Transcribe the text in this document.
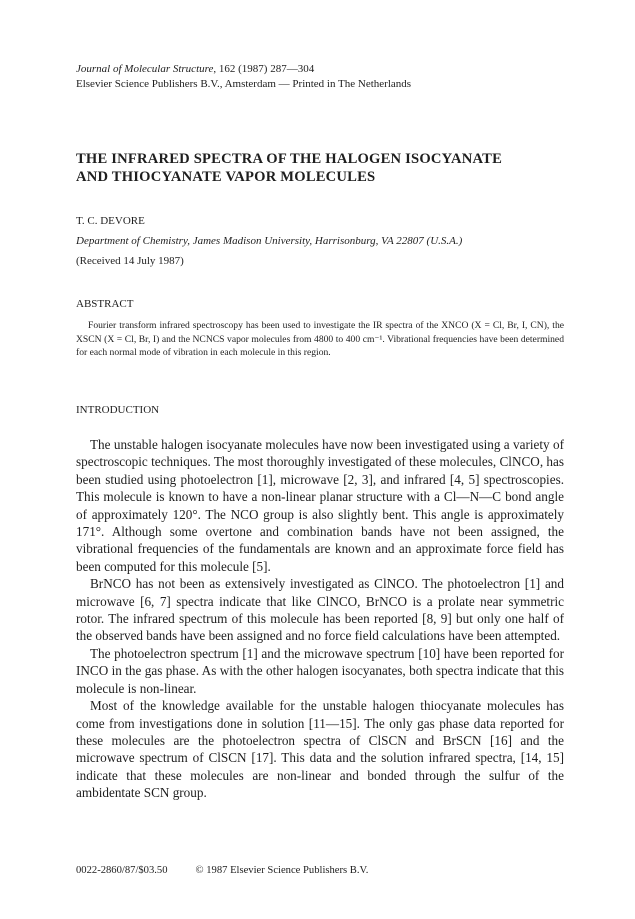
Journal of Molecular Structure, 162 (1987) 287—304
Elsevier Science Publishers B.V., Amsterdam — Printed in The Netherlands
THE INFRARED SPECTRA OF THE HALOGEN ISOCYANATE
AND THIOCYANATE VAPOR MOLECULES
T. C. DEVORE
Department of Chemistry, James Madison University, Harrisonburg, VA 22807 (U.S.A.)
(Received 14 July 1987)
ABSTRACT

Fourier transform infrared spectroscopy has been used to investigate the IR spectra of the XNCO (X = Cl, Br, I, CN), the XSCN (X = Cl, Br, I) and the NCNCS vapor molecules from 4800 to 400 cm⁻¹. Vibrational frequencies have been determined for each normal mode of vibration in each molecule in this region.

INTRODUCTION

The unstable halogen isocyanate molecules have now been investigated using a variety of spectroscopic techniques. The most thoroughly investigated of these molecules, ClNCO, has been studied using photoelectron [1], microwave [2, 3], and infrared [4, 5] spectroscopies. This molecule is known to have a non-linear planar structure with a Cl—N—C bond angle of approximately 120°. The NCO group is also slightly bent. This angle is approximately 171°. Although some overtone and combination bands have not been assigned, the vibrational frequencies of the fundamentals are known and an approximate force field has been computed for this molecule [5].

BrNCO has not been as extensively investigated as ClNCO. The photoelectron [1] and microwave [6, 7] spectra indicate that like ClNCO, BrNCO is a prolate near symmetric rotor. The infrared spectrum of this molecule has been reported [8, 9] but only one half of the observed bands have been assigned and no force field calculations have been attempted.

The photoelectron spectrum [1] and the microwave spectrum [10] have been reported for INCO in the gas phase. As with the other halogen isocyanates, both spectra indicate that this molecule is non-linear.

Most of the knowledge available for the unstable halogen thiocyanate molecules has come from investigations done in solution [11—15]. The only gas phase data reported for these molecules are the photoelectron spectra of ClSCN and BrSCN [16] and the microwave spectrum of ClSCN [17]. This data and the solution infrared spectra, [14, 15] indicate that these molecules are non-linear and bonded through the sulfur of the ambidentate SCN group.

0022-2860/87/$03.50	© 1987 Elsevier Science Publishers B.V.
